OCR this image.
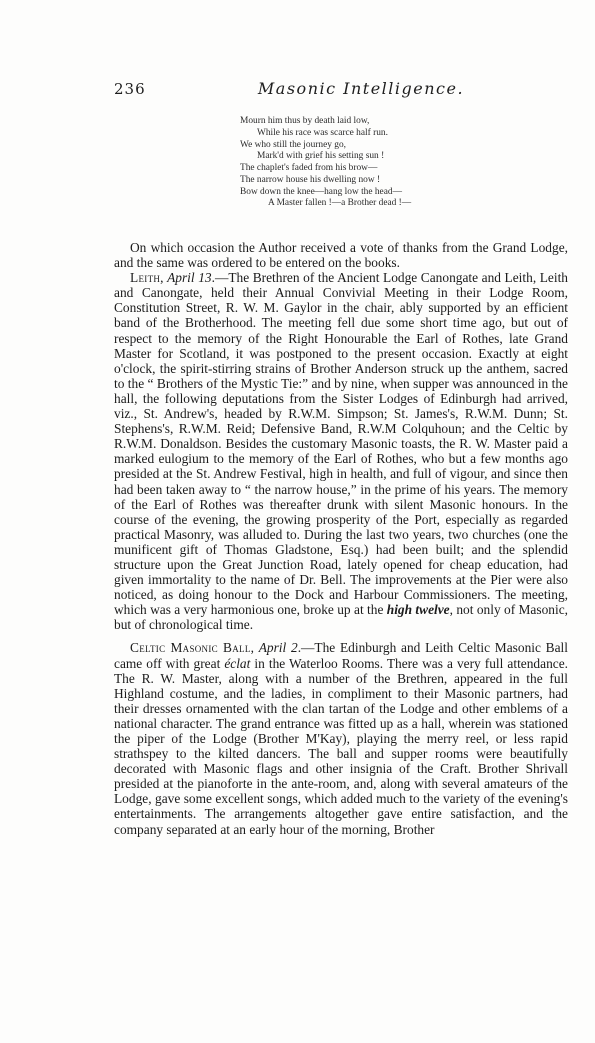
236	Masonic Intelligence.
Mourn him thus by death laid low,
While his race was scarce half run.
We who still the journey go,
Mark'd with grief his setting sun !
The chaplet's faded from his brow—
The narrow house his dwelling now !
Bow down the knee—hang low the head—
A Master fallen !—a Brother dead !—

On which occasion the Author received a vote of thanks from the Grand Lodge, and the same was ordered to be entered on the books.

Leith, April 13.—The Brethren of the Ancient Lodge Canongate and Leith, Leith and Canongate, held their Annual Convivial Meeting in their Lodge Room, Constitution Street, R. W. M. Gaylor in the chair, ably supported by an efficient band of the Brotherhood. The meeting fell due some short time ago, but out of respect to the memory of the Right Honourable the Earl of Rothes, late Grand Master for Scotland, it was postponed to the present occasion. Exactly at eight o'clock, the spirit-stirring strains of Brother Anderson struck up the anthem, sacred to the “ Brothers of the Mystic Tie:” and by nine, when supper was announced in the hall, the following deputations from the Sister Lodges of Edinburgh had arrived, viz., St. Andrew's, headed by R.W.M. Simpson; St. James's, R.W.M. Dunn; St. Stephens's, R.W.M. Reid; Defensive Band, R.W.M Colquhoun; and the Celtic by R.W.M. Donaldson. Besides the customary Masonic toasts, the R. W. Master paid a marked eulogium to the memory of the Earl of Rothes, who but a few months ago presided at the St. Andrew Festival, high in health, and full of vigour, and since then had been taken away to “ the narrow house,” in the prime of his years. The memory of the Earl of Rothes was thereafter drunk with silent Masonic honours. In the course of the evening, the growing prosperity of the Port, especially as regarded practical Masonry, was alluded to. During the last two years, two churches (one the munificent gift of Thomas Gladstone, Esq.) had been built; and the splendid structure upon the Great Junction Road, lately opened for cheap education, had given immortality to the name of Dr. Bell. The improvements at the Pier were also noticed, as doing honour to the Dock and Harbour Commissioners. The meeting, which was a very harmonious one, broke up at the high twelve, not only of Masonic, but of chronological time.

Celtic Masonic Ball, April 2.—The Edinburgh and Leith Celtic Masonic Ball came off with great éclat in the Waterloo Rooms. There was a very full attendance. The R. W. Master, along with a number of the Brethren, appeared in the full Highland costume, and the ladies, in compliment to their Masonic partners, had their dresses ornamented with the clan tartan of the Lodge and other emblems of a national character. The grand entrance was fitted up as a hall, wherein was stationed the piper of the Lodge (Brother M'Kay), playing the merry reel, or less rapid strathspey to the kilted dancers. The ball and supper rooms were beautifully decorated with Masonic flags and other insignia of the Craft. Brother Shrivall presided at the pianoforte in the ante-room, and, along with several amateurs of the Lodge, gave some excellent songs, which added much to the variety of the evening's entertainments. The arrangements altogether gave entire satisfaction, and the company separated at an early hour of the morning, Brother
